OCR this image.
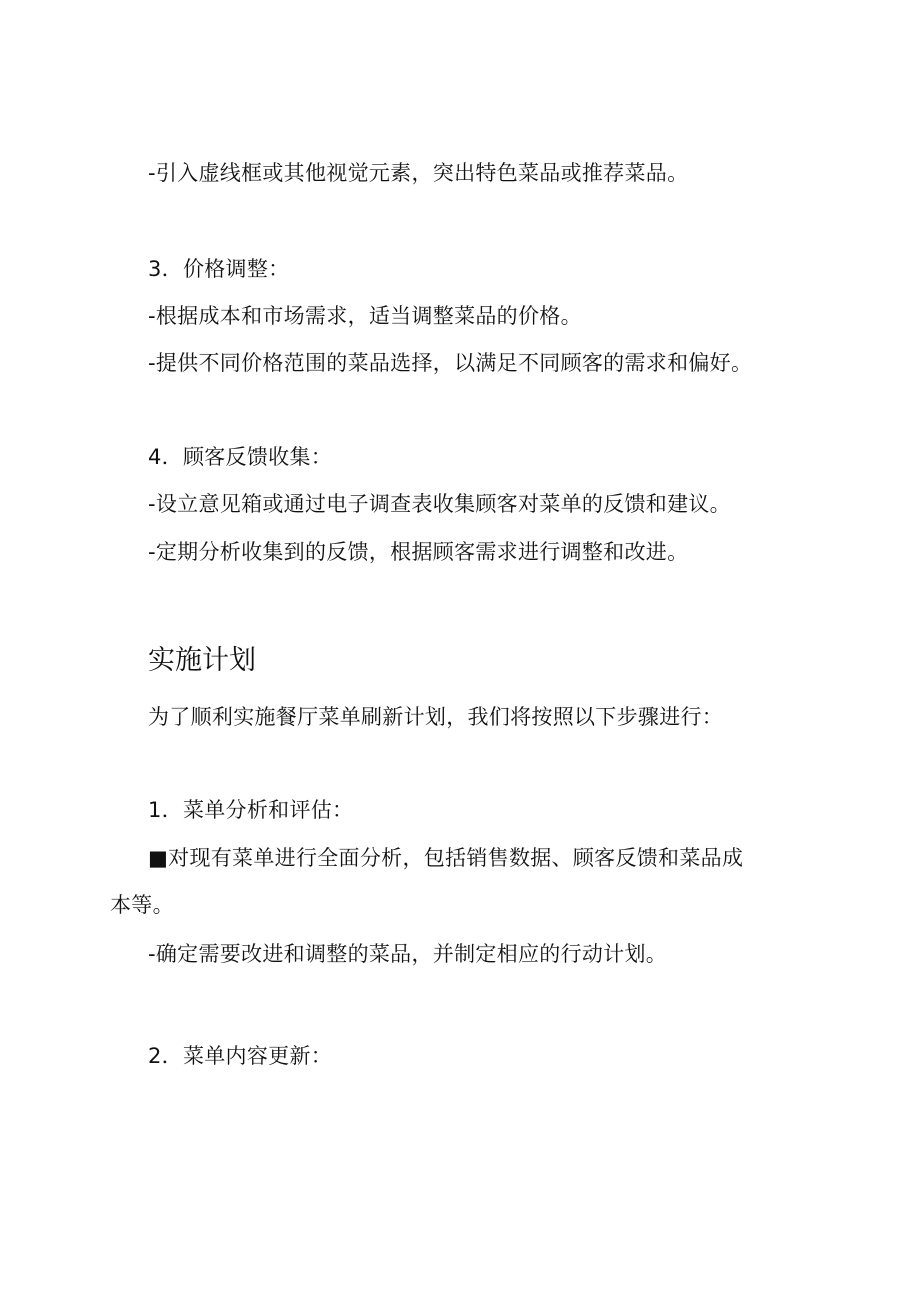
-引入虚线框或其他视觉元素，突出特色菜品或推荐菜品。
3．价格调整：
-根据成本和市场需求，适当调整菜品的价格。
-提供不同价格范围的菜品选择，以满足不同顾客的需求和偏好。
4．顾客反馈收集：
-设立意见箱或通过电子调查表收集顾客对菜单的反馈和建议。
-定期分析收集到的反馈，根据顾客需求进行调整和改进。
实施计划
为了顺利实施餐厅菜单刷新计划，我们将按照以下步骤进行：
1．菜单分析和评估：
■对现有菜单进行全面分析，包括销售数据、顾客反馈和菜品成
本等。
-确定需要改进和调整的菜品，并制定相应的行动计划。
2．菜单内容更新：
